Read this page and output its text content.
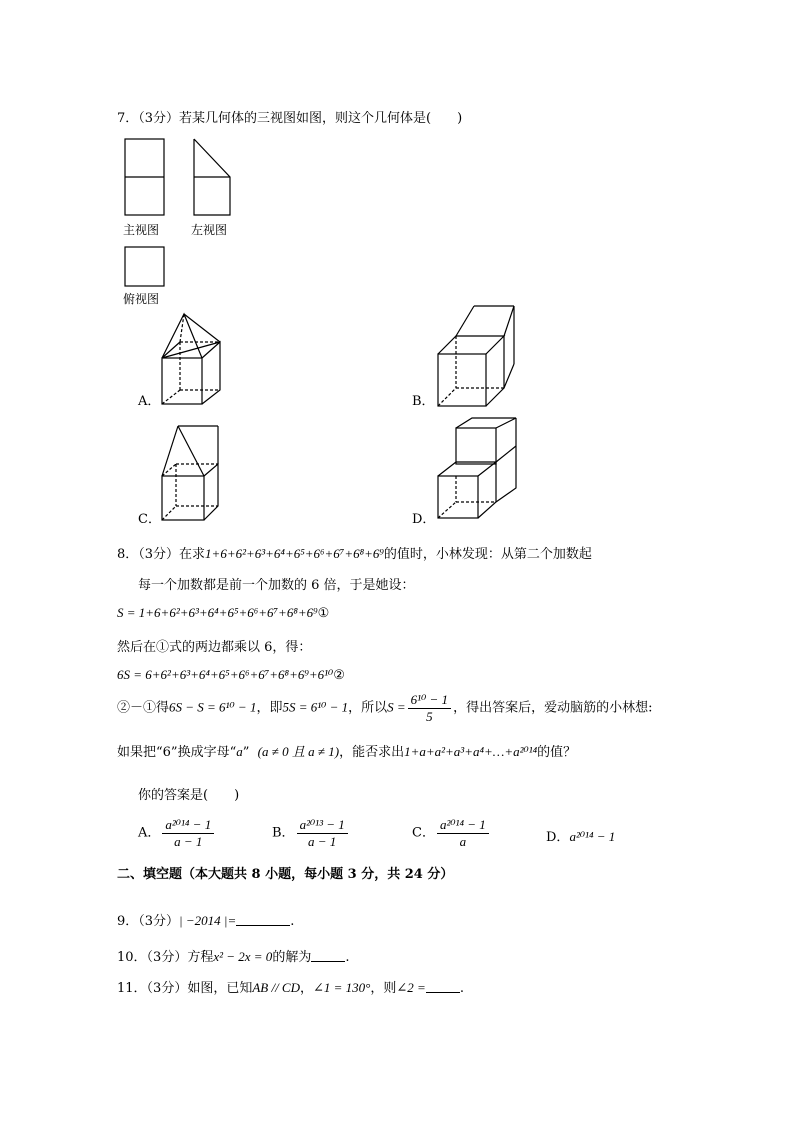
7．（3分）若某几何体的三视图如图，则这个几何体是(　　)
主视图	左视图
俯视图
A．	B．
C．	D．
8．（3分）在求1+6+6²+6³+6⁴+6⁵+6⁶+6⁷+6⁸+6⁹的值时，小林发现：从第二个加数起
每一个加数都是前一个加数的 6 倍，于是她设：
S = 1+6+6²+6³+6⁴+6⁵+6⁶+6⁷+6⁸+6⁹①
然后在①式的两边都乘以 6，得：
6S = 6+6²+6³+6⁴+6⁵+6⁶+6⁷+6⁸+6⁹+6¹⁰②
②－①得6S − S = 6¹⁰ − 1，即5S = 6¹⁰ − 1，所以$S = \frac{\text{6¹⁰ − 1}}{5}$ ，得出答案后，爱动脑筋的小林想:
如果把“6”换成字母“a” (a ≠ 0 且 a ≠ 1)，能否求出1+a+a²+a³+a⁴+…+a²⁰¹⁴的值？
你的答案是(　　)
A． $\frac{\text{a²⁰¹⁴ − 1}}{a - 1}$	B． $\frac{\text{a²⁰¹³ − 1}}{a - 1}$	C． $\frac{\text{a²⁰¹⁴ − 1}}{a}$	D．a²⁰¹⁴ − 1
二、填空题（本大题共 8 小题，每小题 3 分，共 24 分）
9．（3分）| −2014 |=	.
10．（3分）方程x² − 2x = 0的解为	.
11．（3分）如图，已知AB // CD，∠1 = 130°，则∠2 =	.
